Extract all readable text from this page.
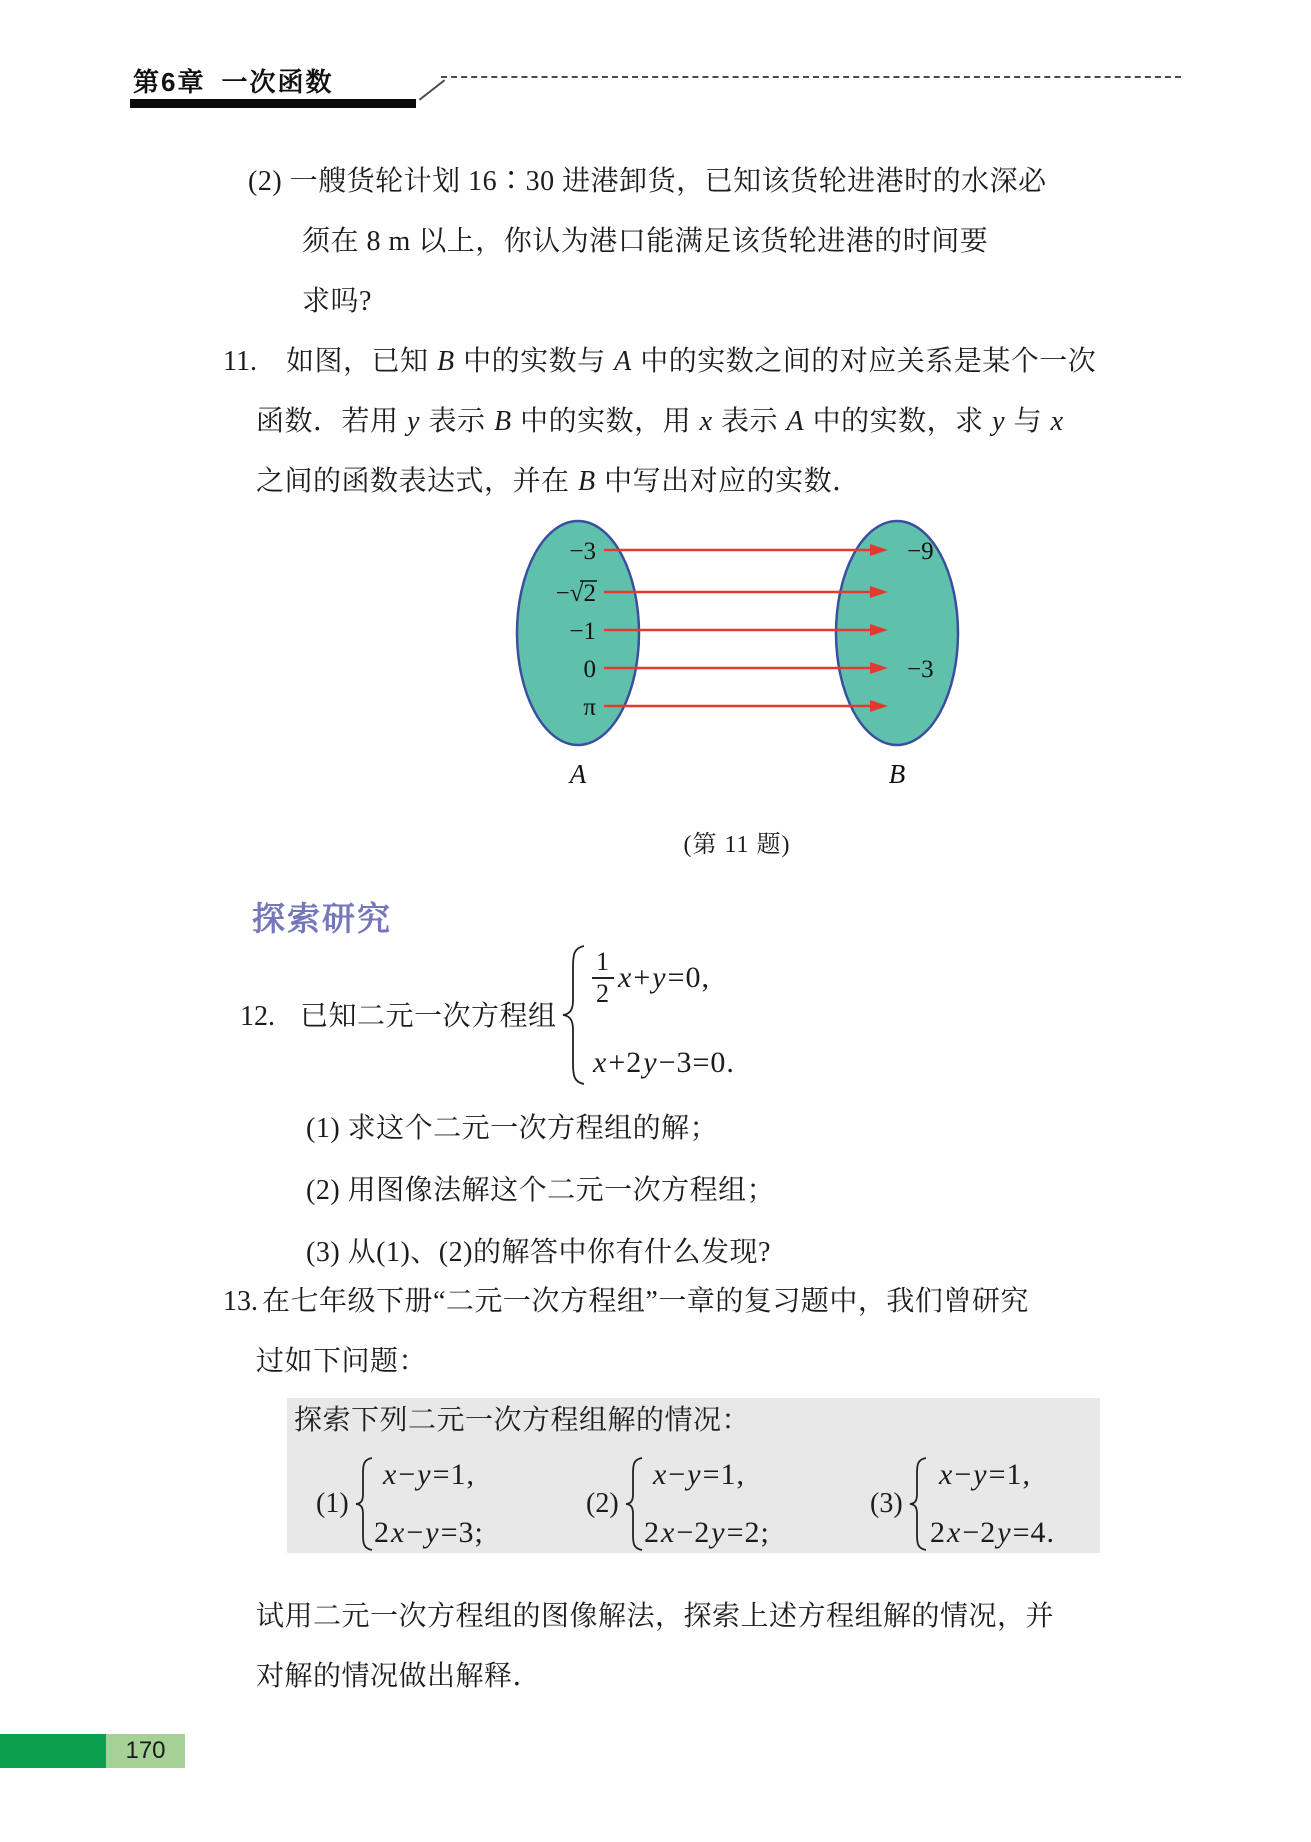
第6章 一次函数
(2) 一艘货轮计划 16∶30 进港卸货，已知该货轮进港时的水深必
须在 8 m 以上，你认为港口能满足该货轮进港的时间要
求吗?
11. 如图，已知 B 中的实数与 A 中的实数之间的对应关系是某个一次
函数．若用 y 表示 B 中的实数，用 x 表示 A 中的实数，求 y 与 x
之间的函数表达式，并在 B 中写出对应的实数．
−3
−√2
−1
0
π
−9
−3
A	B
(第 11 题)
探索研究
12. 已知二元一次方程组
$\frac{1}{2} x+y=0$,
x +2 y −3=0.
(1) 求这个二元一次方程组的解；
(2) 用图像法解这个二元一次方程组；
(3) 从(1)、(2)的解答中你有什么发现?
13. 在七年级下册“二元一次方程组”一章的复习题中，我们曾研究
过如下问题：
探索下列二元一次方程组解的情况：
(1)
x−y=1,
2x−y=3;
(2)
x−y=1,
2x−2y=2;
(3)
x−y=1,
2x−2y=4.
试用二元一次方程组的图像解法，探索上述方程组解的情况，并
对解的情况做出解释．
170
